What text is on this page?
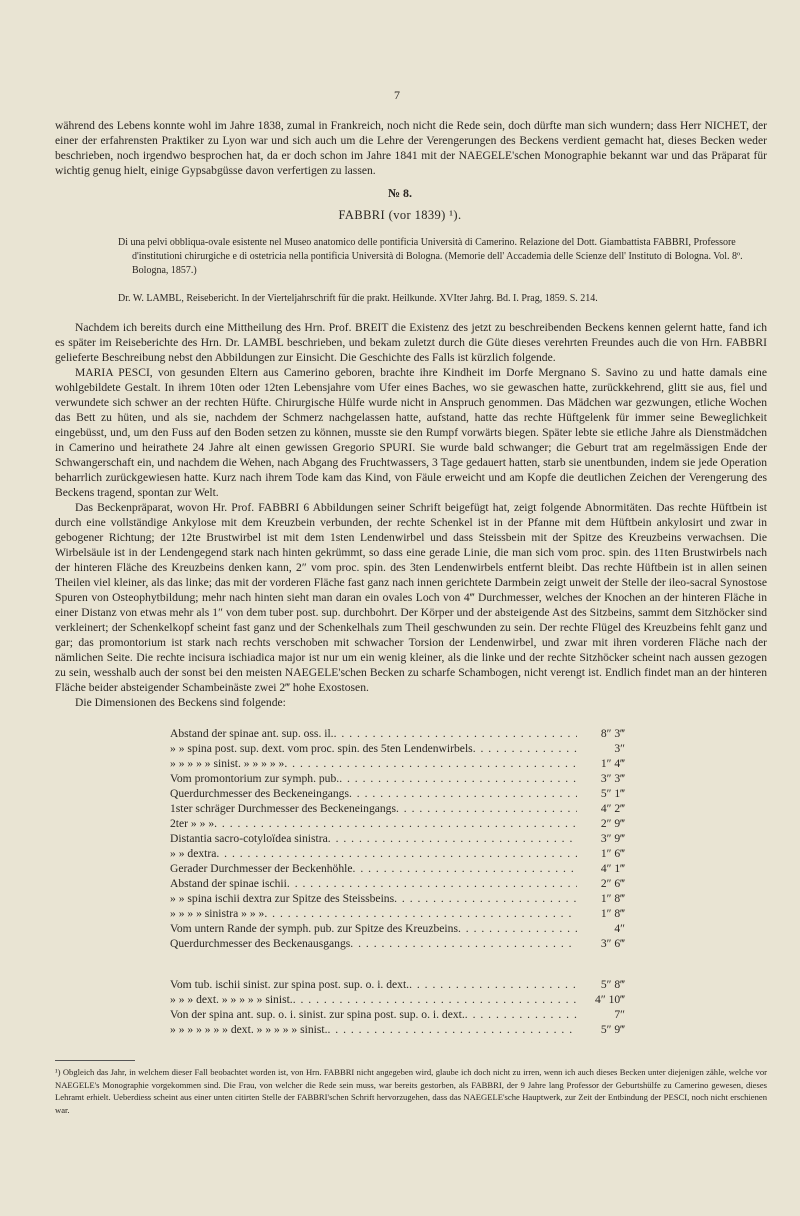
7

während des Lebens konnte wohl im Jahre 1838, zumal in Frankreich, noch nicht die Rede sein, doch dürfte man sich wundern; dass Herr NICHET, der einer der erfahrensten Praktiker zu Lyon war und sich auch um die Lehre der Verengerungen des Beckens verdient gemacht hat, dieses Becken weder beschrieben, noch irgendwo besprochen hat, da er doch schon im Jahre 1841 mit der NAEGELE'schen Monographie bekannt war und das Präparat für wichtig genug hielt, einige Gypsabgüsse davon verfertigen zu lassen.

№ 8.
FABBRI (vor 1839) ¹).

Di una pelvi obbliqua-ovale esistente nel Museo anatomico delle pontificia Università di Camerino. Relazione del Dott. Giambattista FABBRI, Professore d'institutioni chirurgiche e di ostetricia nella pontificia Università di Bologna. (Memorie dell' Accademia delle Scienze dell' Instituto di Bologna. Vol. 8º. Bologna, 1857.)

Dr. W. LAMBL, Reisebericht. In der Vierteljahrschrift für die prakt. Heilkunde. XVIter Jahrg. Bd. I. Prag, 1859. S. 214.

Nachdem ich bereits durch eine Mittheilung des Hrn. Prof. BREIT die Existenz des jetzt zu beschreibenden Beckens kennen gelernt hatte, fand ich es später im Reiseberichte des Hrn. Dr. LAMBL beschrieben, und bekam zuletzt durch die Güte dieses verehrten Freundes auch die von Hrn. FABBRI gelieferte Beschreibung nebst den Abbildungen zur Einsicht. Die Geschichte des Falls ist kürzlich folgende.

MARIA PESCI, von gesunden Eltern aus Camerino geboren, brachte ihre Kindheit im Dorfe Mergnano S. Savino zu und hatte damals eine wohlgebildete Gestalt. In ihrem 10ten oder 12ten Lebensjahre vom Ufer eines Baches, wo sie gewaschen hatte, zurückkehrend, glitt sie aus, fiel und verwundete sich schwer an der rechten Hüfte. Chirurgische Hülfe wurde nicht in Anspruch genommen. Das Mädchen war gezwungen, etliche Wochen das Bett zu hüten, und als sie, nachdem der Schmerz nachgelassen hatte, aufstand, hatte das rechte Hüftgelenk für immer seine Beweglichkeit eingebüsst, und, um den Fuss auf den Boden setzen zu können, musste sie den Rumpf vorwärts biegen. Später lebte sie etliche Jahre als Dienstmädchen in Camerino und heirathete 24 Jahre alt einen gewissen Gregorio SPURI. Sie wurde bald schwanger; die Geburt trat am regelmässigen Ende der Schwangerschaft ein, und nachdem die Wehen, nach Abgang des Fruchtwassers, 3 Tage gedauert hatten, starb sie unentbunden, indem sie jede Operation beharrlich zurückgewiesen hatte. Kurz nach ihrem Tode kam das Kind, von Fäule erweicht und am Kopfe die deutlichen Zeichen der Verengerung des Beckens tragend, spontan zur Welt.

Das Beckenpräparat, wovon Hr. Prof. FABBRI 6 Abbildungen seiner Schrift beigefügt hat, zeigt folgende Abnormitäten. Das rechte Hüftbein ist durch eine vollständige Ankylose mit dem Kreuzbein verbunden, der rechte Schenkel ist in der Pfanne mit dem Hüftbein ankylosirt und zwar in gebogener Richtung; der 12te Brustwirbel ist mit dem 1sten Lendenwirbel und dass Steissbein mit der Spitze des Kreuzbeins verwachsen. Die Wirbelsäule ist in der Lendengegend stark nach hinten gekrümmt, so dass eine gerade Linie, die man sich vom proc. spin. des 11ten Brustwirbels nach der hinteren Fläche des Kreuzbeins denken kann, 2″ vom proc. spin. des 3ten Lendenwirbels entfernt bleibt. Das rechte Hüftbein ist in allen seinen Theilen viel kleiner, als das linke; das mit der vorderen Fläche fast ganz nach innen gerichtete Darmbein zeigt unweit der Stelle der ileo-sacral Synostose Spuren von Osteophytbildung; mehr nach hinten sieht man daran ein ovales Loch von 4‴ Durchmesser, welches der Knochen an der hinteren Fläche in einer Distanz von etwas mehr als 1″ von dem tuber post. sup. durchbohrt. Der Körper und der absteigende Ast des Sitzbeins, sammt dem Sitzhöcker sind verkleinert; der Schenkelkopf scheint fast ganz und der Schenkelhals zum Theil geschwunden zu sein. Der rechte Flügel des Kreuzbeins fehlt ganz und gar; das promontorium ist stark nach rechts verschoben mit schwacher Torsion der Lendenwirbel, und zwar mit ihren vorderen Fläche nach der nämlichen Seite. Die rechte incisura ischiadica major ist nur um ein wenig kleiner, als die linke und der rechte Sitzhöcker scheint nach aussen gezogen zu sein, wesshalb auch der sonst bei den meisten NAEGELE'schen Becken zu scharfe Schambogen, nicht verengt ist. Endlich findet man an der hinteren Fläche beider absteigender Schambeinäste zwei 2‴ hohe Exostosen.

Die Dimensionen des Beckens sind folgende:

Abstand der spinae ant. sup. oss. il. . . .	8″ 3‴
» » spina post. sup. dext. vom proc. spin. des 5ten Lendenwirbels . . .	3″
» » » » » sinist. » » » » » . . .	1″ 4‴
Vom promontorium zur symph. pub. . . .	3″ 3‴
Querdurchmesser des Beckeneingangs . . .	5″ 1‴
1ster schräger Durchmesser des Beckeneingangs . . .	4″ 2‴
2ter » » » . . .	2″ 9‴
Distantia sacro-cotyloïdea sinistra . . .	3″ 9‴
» » dextra . . .	1″ 6‴
Gerader Durchmesser der Beckenhöhle . . .	4″ 1‴
Abstand der spinae ischii . . .	2″ 6‴
» » spina ischii dextra zur Spitze des Steissbeins . . .	1″ 8‴
» » » » sinistra » » » . . .	1″ 8‴
Vom untern Rande der symph. pub. zur Spitze des Kreuzbeins . . .	4″
Querdurchmesser des Beckenausgangs . . .	3″ 6‴
Vom tub. ischii sinist. zur spina post. sup. o. i. dext. . . .	5″ 8‴
» » » dext. » » » » » sinist. . . .	4″ 10‴
Von der spina ant. sup. o. i. sinist. zur spina post. sup. o. i. dext. . . .	7″
» » » » » » » dext. » » » » » sinist. . . .	5″ 9‴
¹) Obgleich das Jahr, in welchem dieser Fall beobachtet worden ist, von Hrn. FABBRI nicht angegeben wird, glaube ich doch nicht zu irren, wenn ich auch dieses Becken unter diejenigen zähle, welche vor NAEGELE's Monographie vorgekommen sind. Die Frau, von welcher die Rede sein muss, war bereits gestorben, als FABBRI, der 9 Jahre lang Professor der Geburtshülfe zu Camerino gewesen, dieses Lehramt erhielt. Ueberdiess scheint aus einer unten citirten Stelle der FABBRI'schen Schrift hervorzugehen, dass das NAEGELE'sche Hauptwerk, zur Zeit der Entbindung der PESCI, noch nicht erschienen war.
